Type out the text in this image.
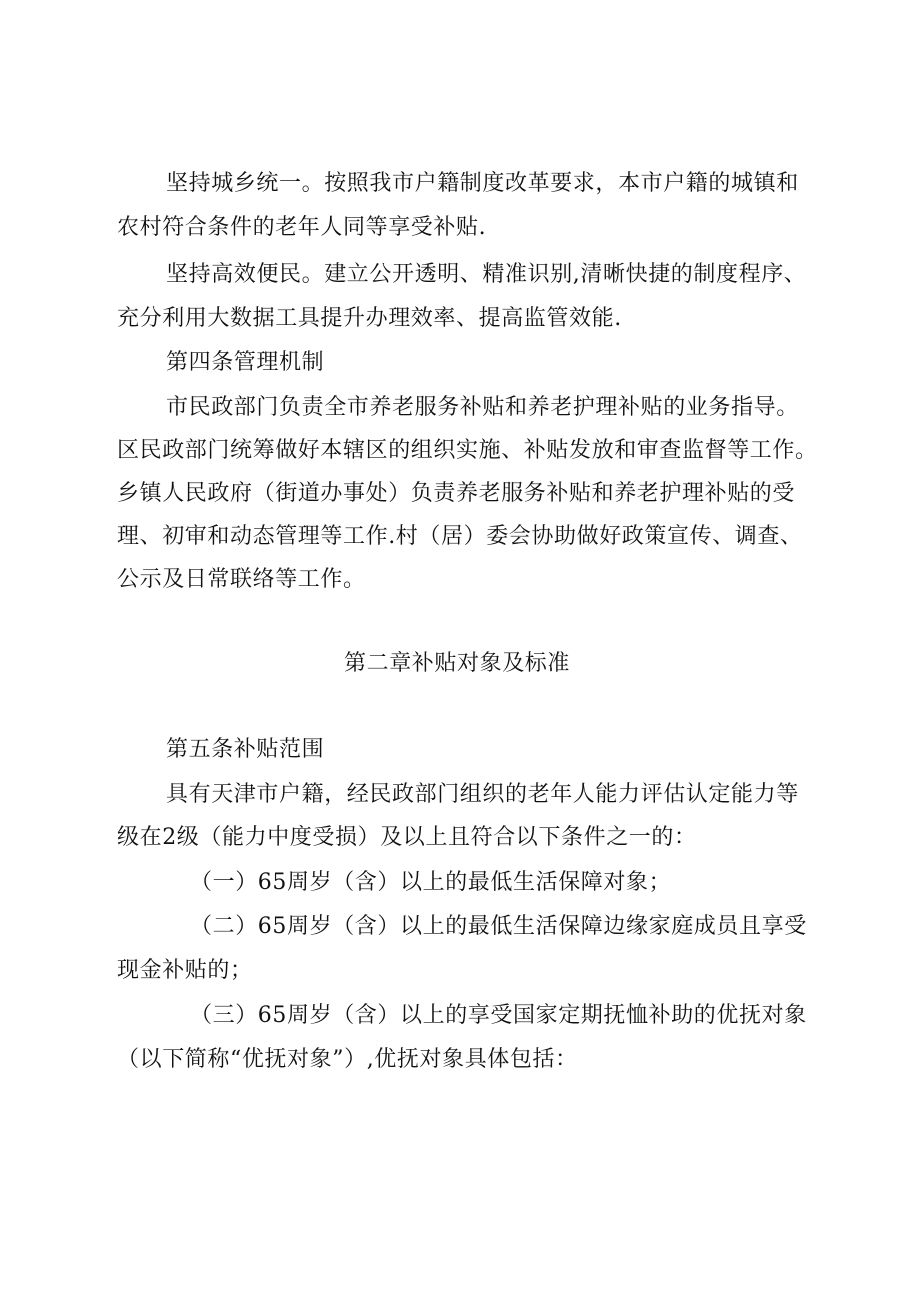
坚持城乡统一。按照我市户籍制度改革要求，本市户籍的城镇和
农村符合条件的老年人同等享受补贴.
坚持高效便民。建立公开透明、精准识别,清晰快捷的制度程序、
充分利用大数据工具提升办理效率、提高监管效能.
第四条管理机制
市民政部门负责全市养老服务补贴和养老护理补贴的业务指导。
区民政部门统筹做好本辖区的组织实施、补贴发放和审查监督等工作。
乡镇人民政府（街道办事处）负责养老服务补贴和养老护理补贴的受
理、初审和动态管理等工作.村（居）委会协助做好政策宣传、调查、
公示及日常联络等工作。
第二章补贴对象及标准
第五条补贴范围
具有天津市户籍，经民政部门组织的老年人能力评估认定能力等
级在2级（能力中度受损）及以上且符合以下条件之一的：
（一）65周岁（含）以上的最低生活保障对象；
（二）65周岁（含）以上的最低生活保障边缘家庭成员且享受
现金补贴的；
（三）65周岁（含）以上的享受国家定期抚恤补助的优抚对象
（以下简称“优抚对象”）,优抚对象具体包括：
